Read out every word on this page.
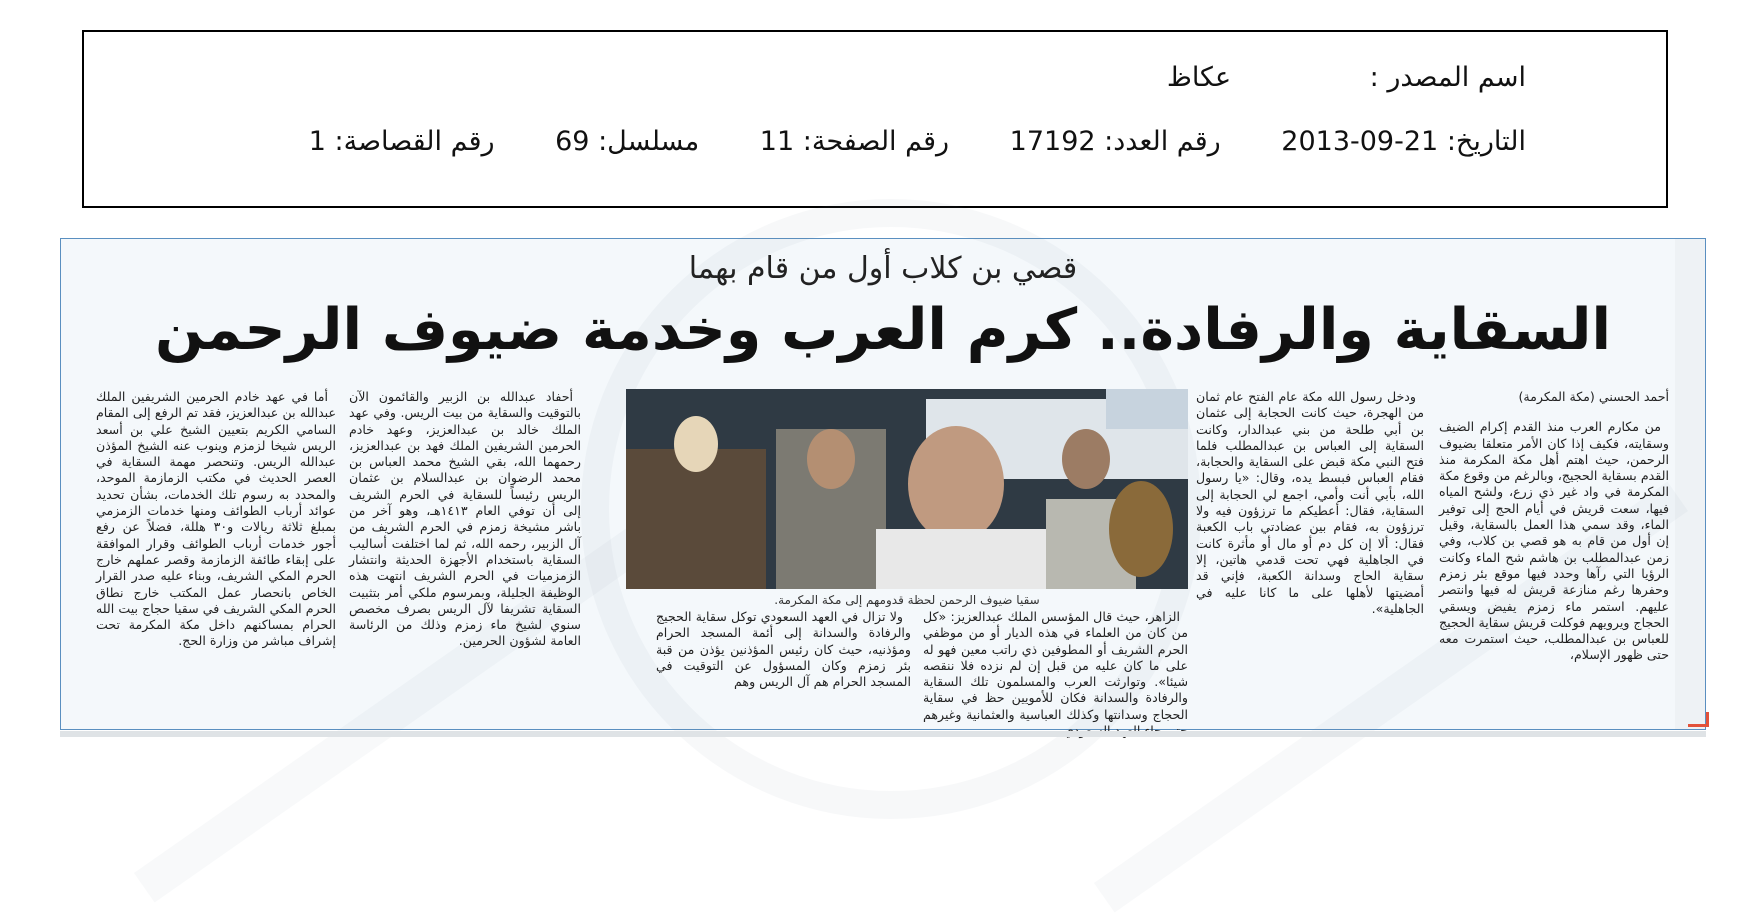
اسم المصدر : عكاظ
التاريخ: 2013-09-21 رقم العدد: 17192 رقم الصفحة: 11 مسلسل: 69 رقم القصاصة: 1
قصي بن كلاب أول من قام بهما
السقاية والرفادة.. كرم العرب وخدمة ضيوف الرحمن

أحمد الحسني (مكة المكرمة)

من مكارم العرب منذ القدم إكرام الضيف وسقايته، فكيف إذا كان الأمر متعلقا بضيوف الرحمن، حيث اهتم أهل مكة المكرمة منذ القدم بسقاية الحجيج، وبالرغم من وقوع مكة المكرمة في واد غير ذي زرع، ولشح المياه فيها، سعت قريش في أيام الحج إلى توفير الماء، وقد سمي هذا العمل بالسقاية، وقيل إن أول من قام به هو قصي بن كلاب، وفي زمن عبدالمطلب بن هاشم شح الماء وكانت الرؤيا التي رآها وحدد فيها موقع بئر زمزم وحفرها رغم منازعة قريش له فيها وانتصر عليهم. استمر ماء زمزم يفيض ويسقي الحجاج ويرويهم فوكلت قريش سقاية الحجيج للعباس بن عبدالمطلب، حيث استمرت معه حتى ظهور الإسلام،

ودخل رسول الله مكة عام الفتح عام ثمان من الهجرة، حيث كانت الحجابة إلى عثمان بن أبي طلحة من بني عبدالدار، وكانت السقاية إلى العباس بن عبدالمطلب فلما فتح النبي مكة قبض على السقاية والحجابة، فقام العباس فبسط يده، وقال: «يا رسول الله، بأبي أنت وأمي، اجمع لي الحجابة إلى السقاية، فقال: أعطيكم ما ترزؤون فيه ولا ترزؤون به، فقام بين عضادتي باب الكعبة فقال: ألا إن كل دم أو مال أو مأثرة كانت في الجاهلية فهي تحت قدمي هاتين، إلا سقاية الحاج وسدانة الكعبة، فإني قد أمضيتها لأهلها على ما كانا عليه في الجاهلية».

سقيا ضيوف الرحمن لحظة قدومهم إلى مكة المكرمة.

الزاهر، حيث قال المؤسس الملك عبدالعزيز: «كل من كان من العلماء في هذه الديار أو من موظفي الحرم الشريف أو المطوفين ذي راتب معين فهو له على ما كان عليه من قبل إن لم نزده فلا ننقصه شيئا». وتوارثت العرب والمسلمون تلك السقاية والرفادة والسدانة فكان للأمويين حظ في سقاية الحجاج وسدانتها وكذلك العباسية والعثمانية وغيرهم

ولا تزال في العهد السعودي توكل سقاية الحجيج والرفادة والسدانة إلى أئمة المسجد الحرام ومؤذنيه، حيث كان رئيس المؤذنين يؤذن من قبة بئر زمزم وكان المسؤول عن التوقيت في المسجد الحرام هم آل الريس وهم

أحفاد عبدالله بن الزبير والقائمون الآن بالتوقيت والسقاية من بيت الريس. وفي عهد الملك خالد بن عبدالعزيز، وعهد خادم الحرمين الشريفين الملك فهد بن عبدالعزيز، رحمهما الله، بقي الشيخ محمد العباس بن محمد الرضوان بن عبدالسلام بن عثمان الريس رئيساً للسقاية في الحرم الشريف إلى أن توفي العام ١٤١٣هـ، وهو آخر من باشر مشيخة زمزم في الحرم الشريف من آل الزبير، رحمه الله، ثم لما اختلفت أساليب السقاية باستخدام الأجهزة الحديثة وانتشار الزمزميات في الحرم الشريف انتهت هذه الوظيفة الجليلة، وبمرسوم ملكي أمر بتثبيت السقاية تشريفا لآل الريس بصرف مخصص سنوي لشيخ ماء زمزم وذلك من الرئاسة العامة لشؤون الحرمين.

أما في عهد خادم الحرمين الشريفين الملك عبدالله بن عبدالعزيز، فقد تم الرفع إلى المقام السامي الكريم بتعيين الشيخ علي بن أسعد الريس شيخا لزمزم وينوب عنه الشيخ المؤذن عبدالله الريس. وتنحصر مهمة السقاية في العصر الحديث في مكتب الزمازمة الموحد، والمحدد به رسوم تلك الخدمات، بشأن تحديد عوائد أرباب الطوائف ومنها خدمات الزمزمي بمبلغ ثلاثة ريالات و٣٠ هللة، فضلاً عن رفع أجور خدمات أرباب الطوائف وقرار الموافقة على إبقاء طائفة الزمازمة وقصر عملهم خارج الحرم المكي الشريف، وبناء عليه صدر القرار الخاص بانحصار عمل المكتب خارج نطاق الحرم المكي الشريف في سقيا حجاج بيت الله الحرام بمساكنهم داخل مكة المكرمة تحت إشراف مباشر من وزارة الحج.
